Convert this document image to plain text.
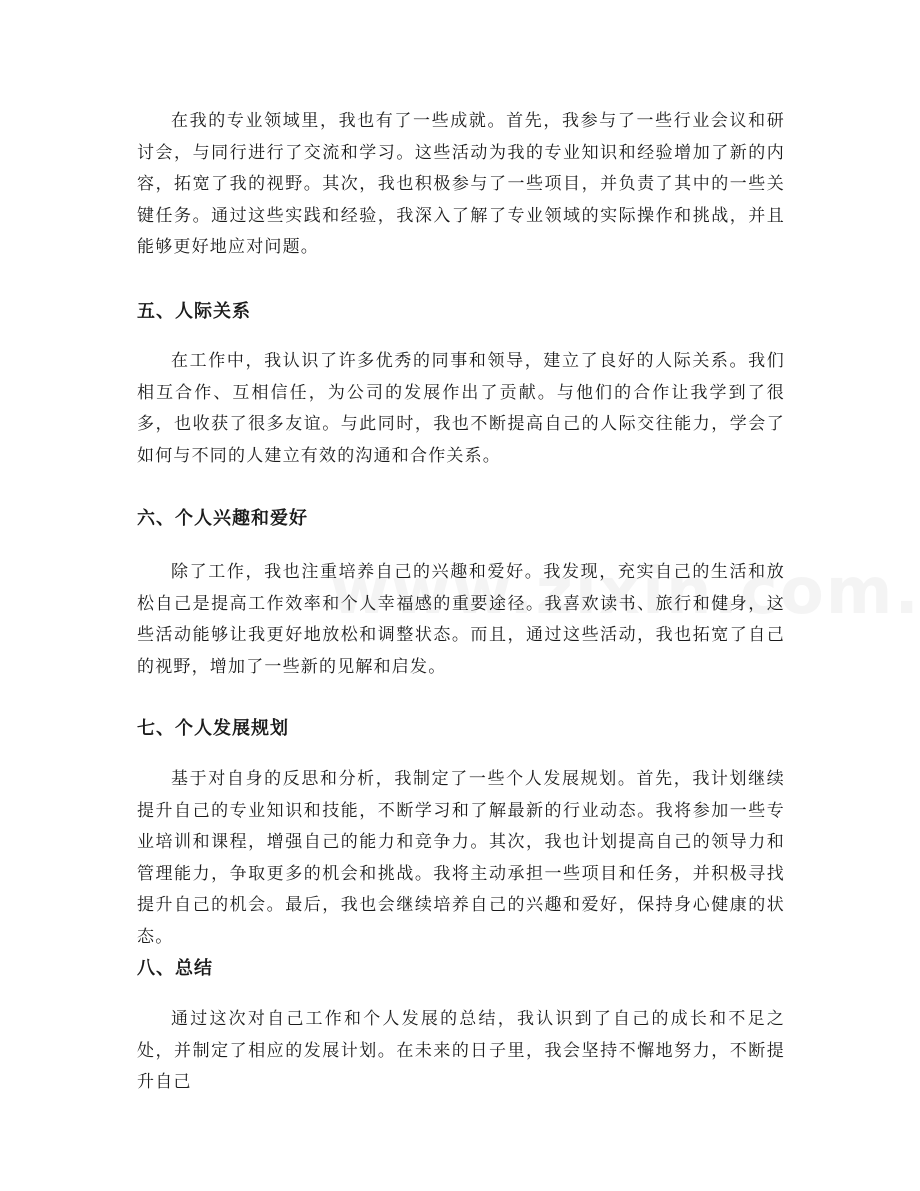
在我的专业领域里，我也有了一些成就。首先，我参与了一些行业会议和研讨会，与同行进行了交流和学习。这些活动为我的专业知识和经验增加了新的内容，拓宽了我的视野。其次，我也积极参与了一些项目，并负责了其中的一些关键任务。通过这些实践和经验，我深入了解了专业领域的实际操作和挑战，并且能够更好地应对问题。

五、人际关系

在工作中，我认识了许多优秀的同事和领导，建立了良好的人际关系。我们相互合作、互相信任，为公司的发展作出了贡献。与他们的合作让我学到了很多，也收获了很多友谊。与此同时，我也不断提高自己的人际交往能力，学会了如何与不同的人建立有效的沟通和合作关系。

六、个人兴趣和爱好

除了工作，我也注重培养自己的兴趣和爱好。我发现，充实自己的生活和放松自己是提高工作效率和个人幸福感的重要途径。我喜欢读书、旅行和健身，这些活动能够让我更好地放松和调整状态。而且，通过这些活动，我也拓宽了自己的视野，增加了一些新的见解和启发。

七、个人发展规划

基于对自身的反思和分析，我制定了一些个人发展规划。首先，我计划继续提升自己的专业知识和技能，不断学习和了解最新的行业动态。我将参加一些专业培训和课程，增强自己的能力和竞争力。其次，我也计划提高自己的领导力和管理能力，争取更多的机会和挑战。我将主动承担一些项目和任务，并积极寻找提升自己的机会。最后，我也会继续培养自己的兴趣和爱好，保持身心健康的状态。

八、总结

通过这次对自己工作和个人发展的总结，我认识到了自己的成长和不足之处，并制定了相应的发展计划。在未来的日子里，我会坚持不懈地努力，不断提升自己
